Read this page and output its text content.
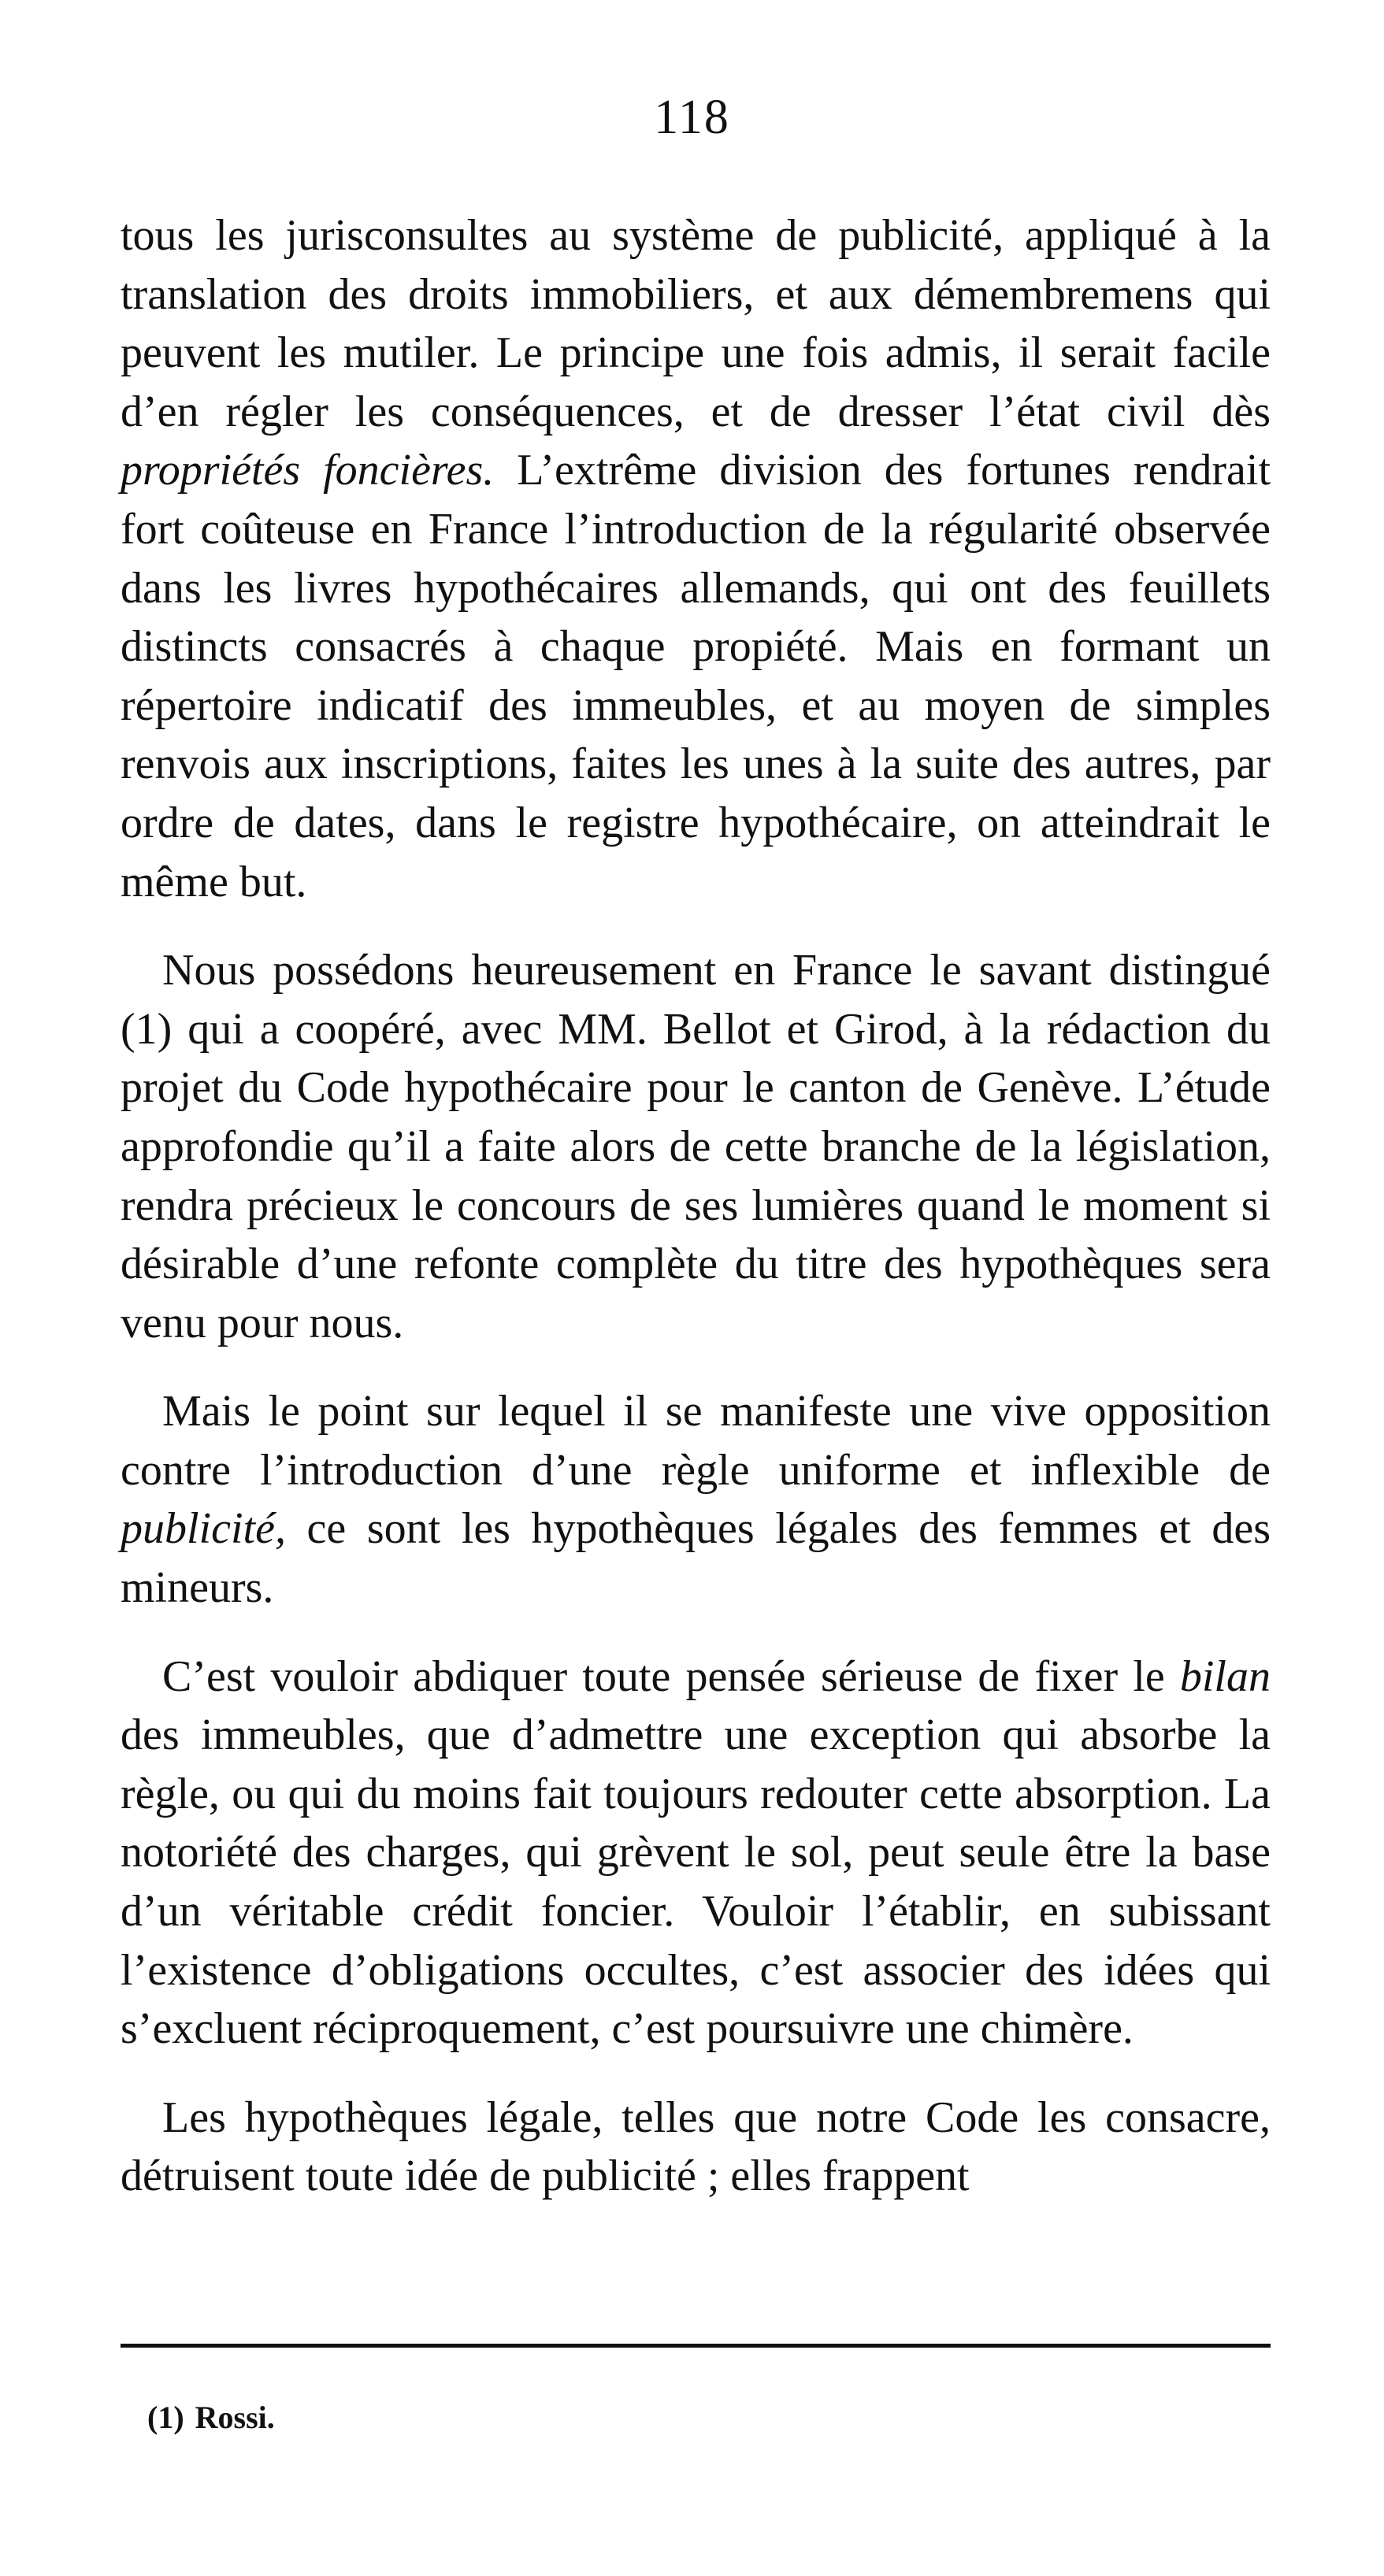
118

tous les jurisconsultes au système de publicité, appliqué à la translation des droits immobiliers, et aux démembremens qui peuvent les mutiler. Le principe une fois admis, il serait facile d’en régler les conséquences, et de dresser l’état civil dès propriétés foncières. L’extrême division des fortunes rendrait fort coûteuse en France l’introduction de la régularité observée dans les livres hypothécaires allemands, qui ont des feuillets distincts consacrés à chaque propiété. Mais en formant un répertoire indicatif des immeubles, et au moyen de simples renvois aux inscriptions, faites les unes à la suite des autres, par ordre de dates, dans le registre hypothécaire, on atteindrait le même but.

Nous possédons heureusement en France le savant distingué (1) qui a coopéré, avec MM. Bellot et Girod, à la rédaction du projet du Code hypothécaire pour le canton de Genève. L’étude approfondie qu’il a faite alors de cette branche de la législation, rendra précieux le concours de ses lumières quand le moment si désirable d’une refonte complète du titre des hypothèques sera venu pour nous.

Mais le point sur lequel il se manifeste une vive opposition contre l’introduction d’une règle uniforme et inflexible de publicité, ce sont les hypothèques légales des femmes et des mineurs.

C’est vouloir abdiquer toute pensée sérieuse de fixer le bilan des immeubles, que d’admettre une exception qui absorbe la règle, ou qui du moins fait toujours redouter cette absorption. La notoriété des charges, qui grèvent le sol, peut seule être la base d’un véritable crédit foncier. Vouloir l’établir, en subissant l’existence d’obligations occultes, c’est associer des idées qui s’excluent réciproquement, c’est poursuivre une chimère.

Les hypothèques légale, telles que notre Code les consacre, détruisent toute idée de publicité ; elles frappent

(1) Rossi.
